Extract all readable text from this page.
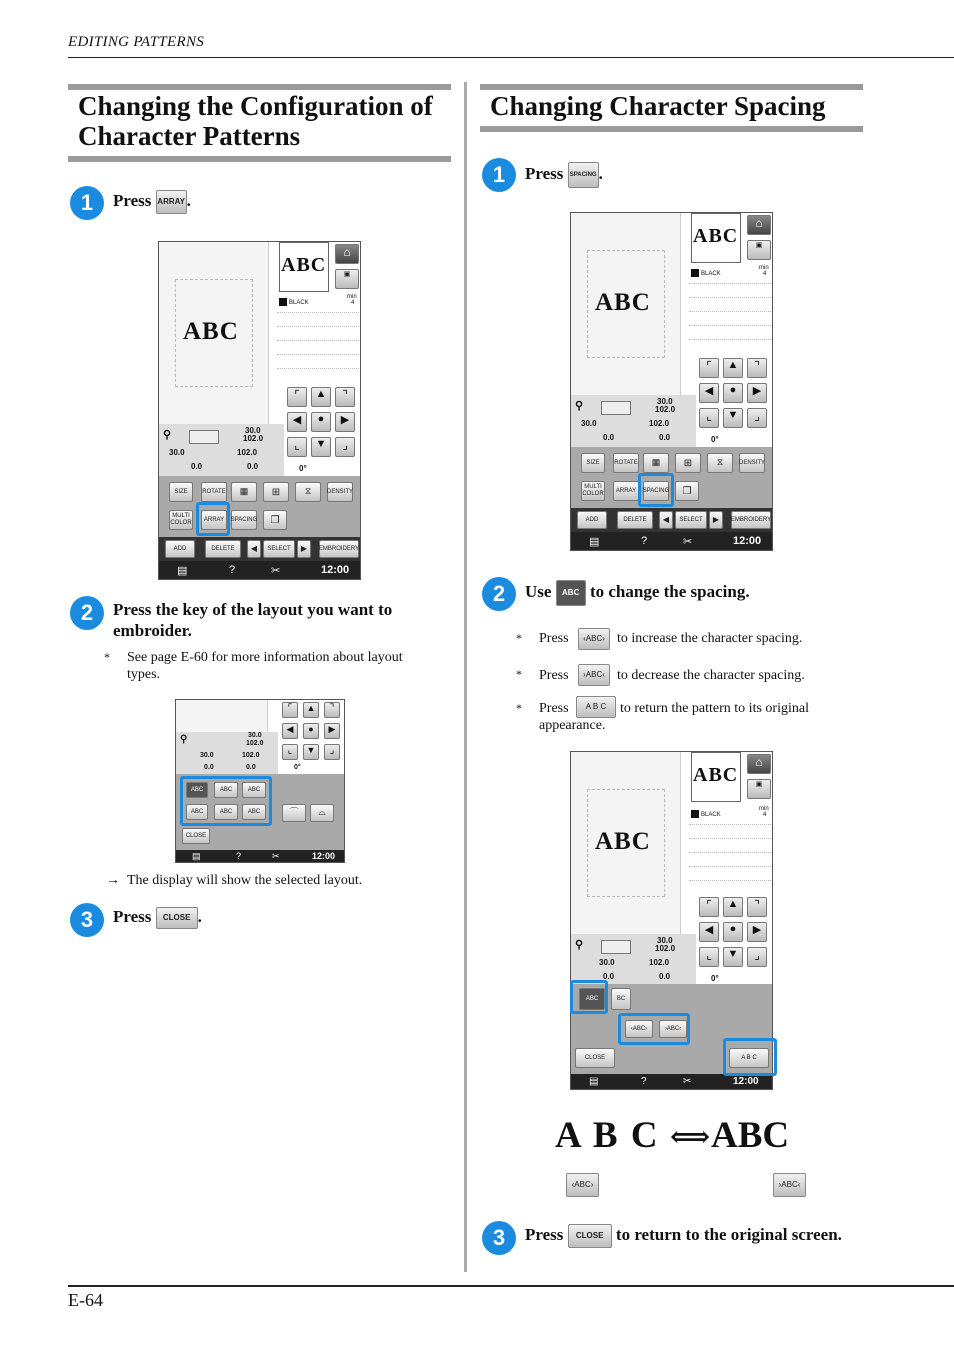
EDITING PATTERNS
Changing the Configuration of
Character Patterns
1	Press ARRAY.
ABC
ABC
⌂
▣
BLACK
min
4
⌜	▲	⌝
◀	●	▶
⌞	▼	⌟
⚲	30.0
102.0
30.0	102.0
0.0	0.0	0°
SIZE	ROTATE	▦	⊞	⧖	DENSITY
MULTI COLOR
ARRAY	SPACING	❐
ADD	DELETE	◀	SELECT	▶	EMBROIDERY
▤	?	✂	12:00
2	Press the key of the layout you want to embroider.
* See page E-60 for more information about layout types.
⌜	▲	⌝
◀	●	▶
⌞	▼	⌟
⚲	30.0
102.0
30.0	102.0
0.0	0.0	0°
ABC	ABC	ABC
ABC	ABC	ABC	⌒	⌓
CLOSE
▤	?	✂	12:00
→ The display will show the selected layout.
3	Press CLOSE .
Changing Character Spacing
1	Press SPACING .
ABC
ABC
⌂
▣
BLACK
min
4
⌜	▲	⌝
◀	●	▶
⌞	▼	⌟
⚲	30.0
102.0
30.0	102.0
0.0	0.0	0°
SIZE	ROTATE	▦	⊞	⧖	DENSITY
MULTI COLOR
ARRAY	SPACING	❐
ADD	DELETE	◀	SELECT	▶	EMBROIDERY
▤	?	✂	12:00
2	Use ABC to change the spacing.
* Press	‹ABC› to increase the character spacing.
* Press	›ABC‹ to decrease the character spacing.
* Press	A B C to return the pattern to its original appearance.
ABC
ABC
⌂
▣
BLACK
min
4
⌜	▲	⌝
◀	●	▶
⌞	▼	⌟
⚲	30.0
102.0
30.0	102.0
0.0	0.0	0°
ABC	BC
‹ABC›	›ABC‹
CLOSE	A B C
▤	?	✂	12:00
A B C ⟺ ABC
‹ABC›	›ABC‹
3	Press CLOSE to return to the original screen.
E-64
